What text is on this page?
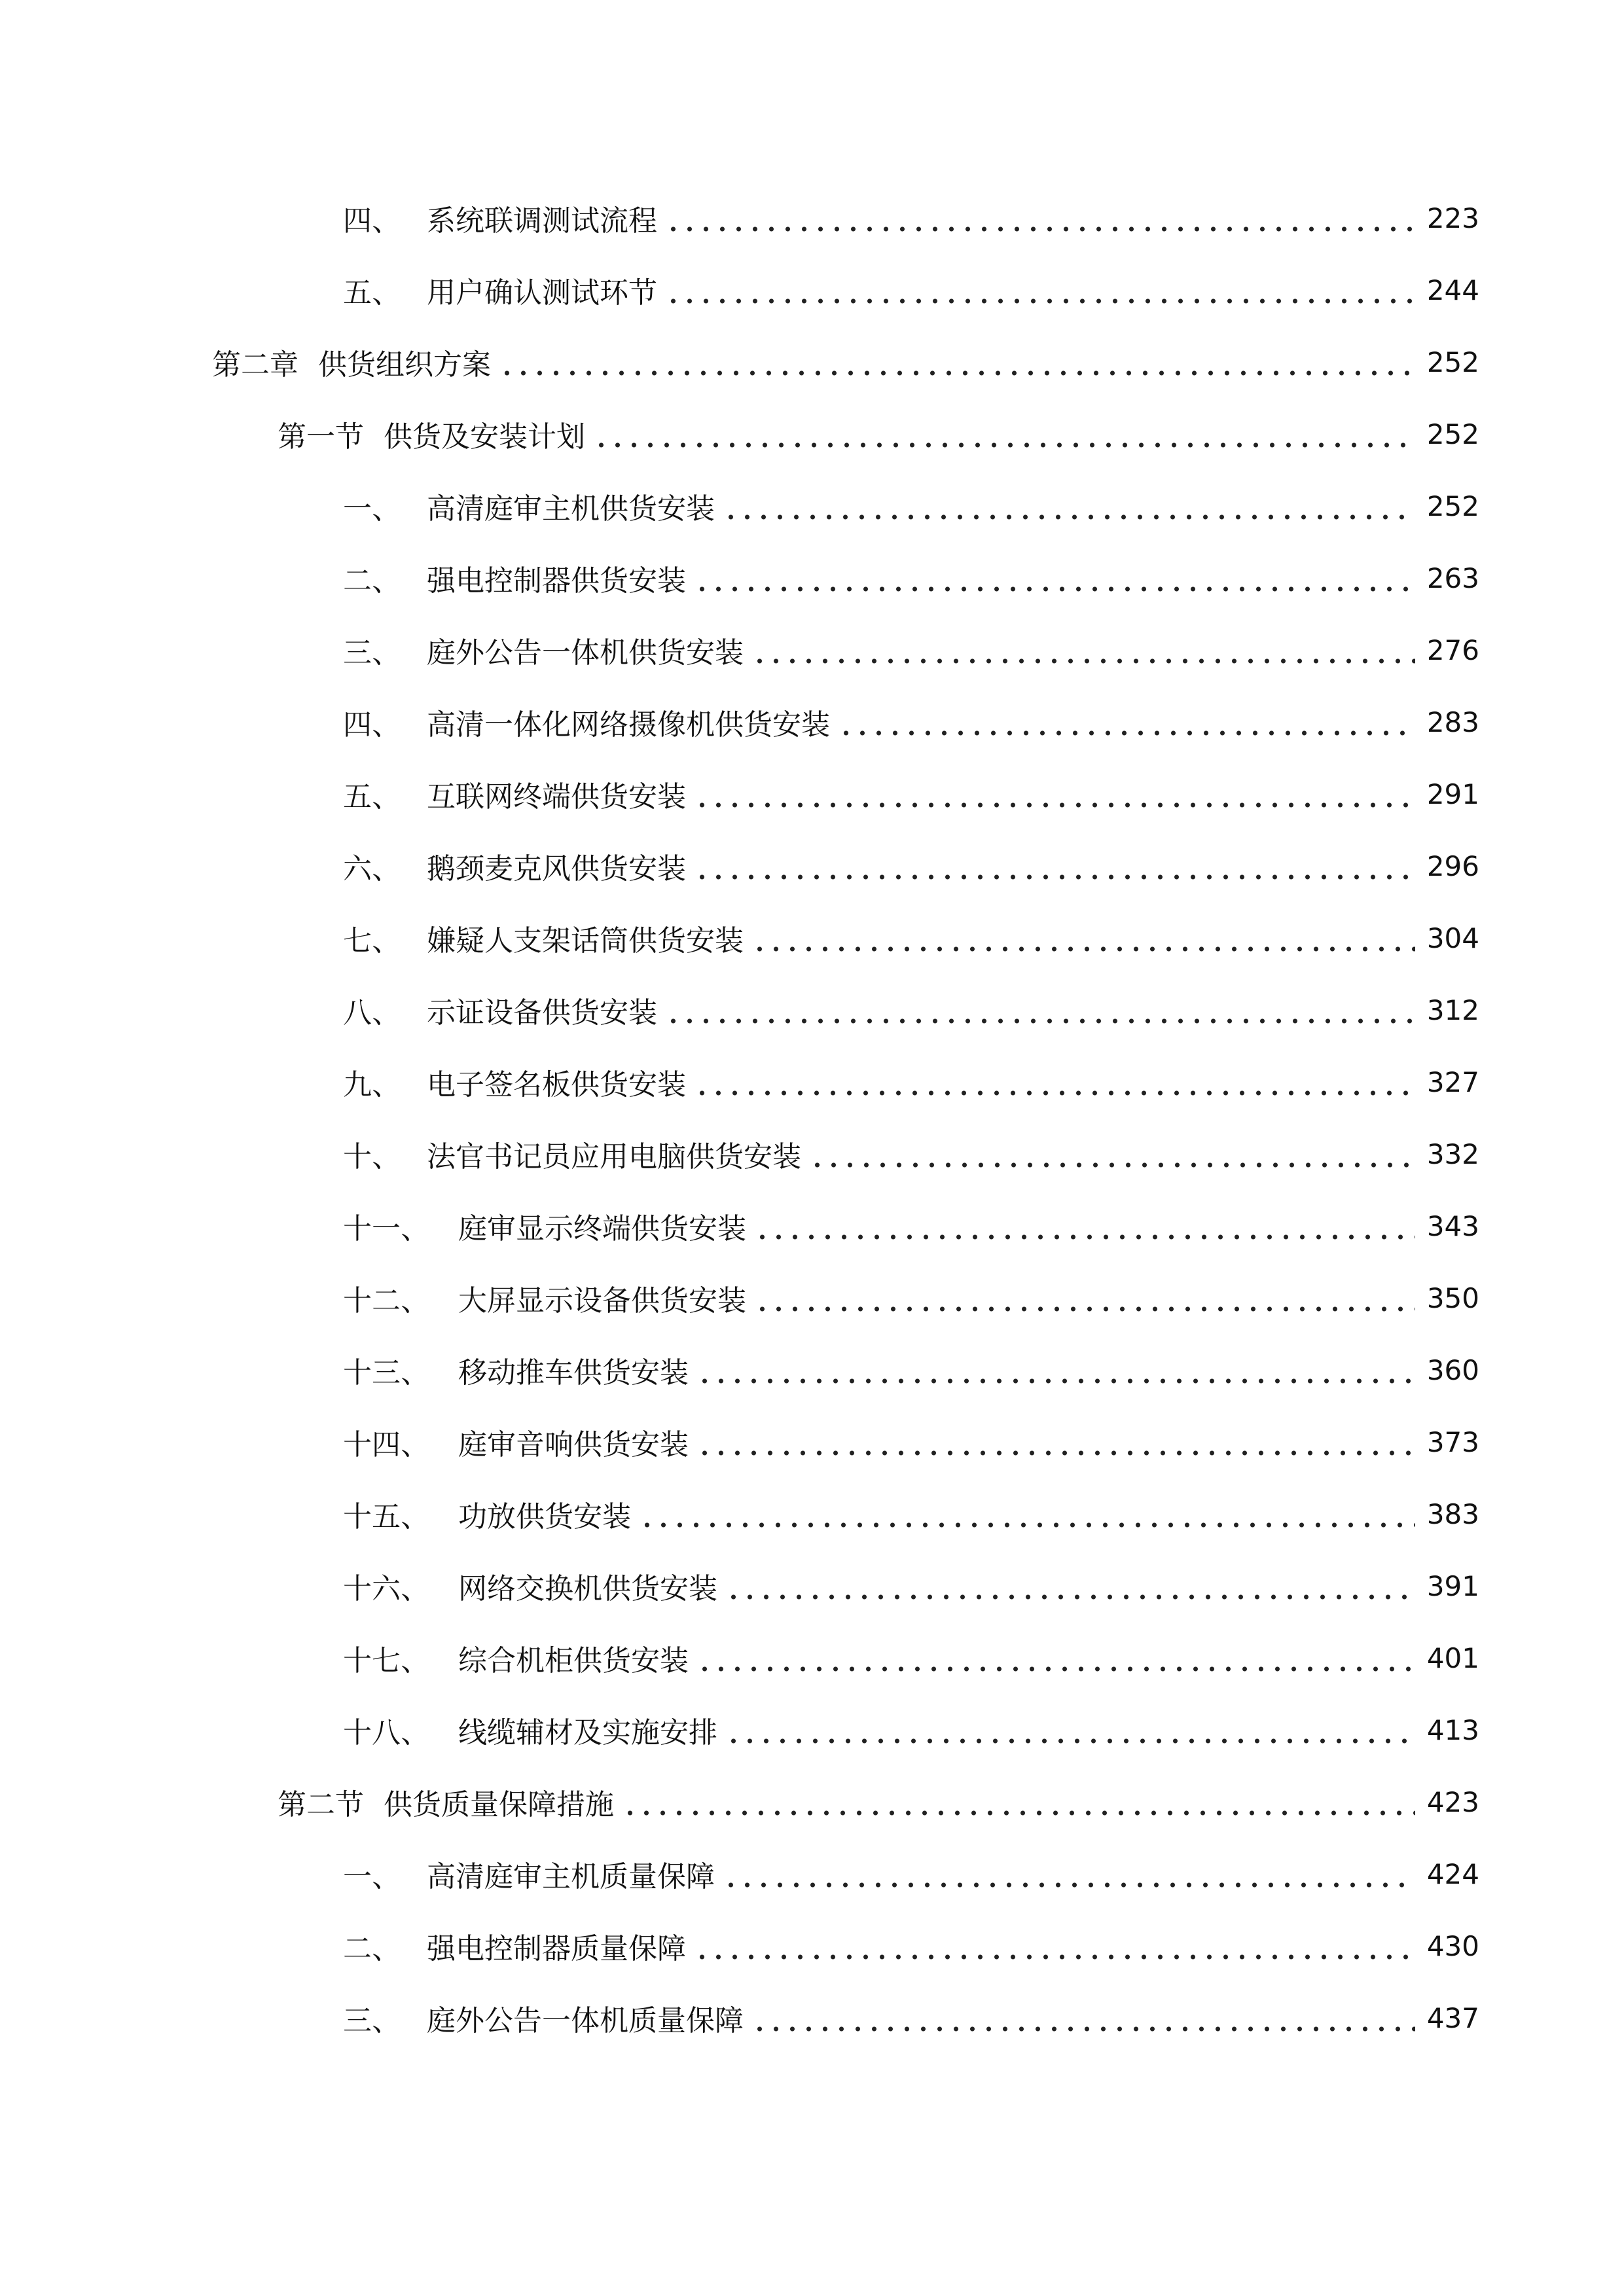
四、 系统联调测试流程	223
五、 用户确认测试环节	244
第二章 供货组织方案	252
第一节 供货及安装计划	252
一、 高清庭审主机供货安装	252
二、 强电控制器供货安装	263
三、 庭外公告一体机供货安装	276
四、 高清一体化网络摄像机供货安装	283
五、 互联网终端供货安装	291
六、 鹅颈麦克风供货安装	296
七、 嫌疑人支架话筒供货安装	304
八、 示证设备供货安装	312
九、 电子签名板供货安装	327
十、 法官书记员应用电脑供货安装	332
十一、	庭审显示终端供货安装	343
十二、	大屏显示设备供货安装	350
十三、	移动推车供货安装	360
十四、	庭审音响供货安装	373
十五、	功放供货安装	383
十六、	网络交换机供货安装	391
十七、	综合机柜供货安装	401
十八、	线缆辅材及实施安排	413
第二节 供货质量保障措施	423
一、 高清庭审主机质量保障	424
二、 强电控制器质量保障	430
三、 庭外公告一体机质量保障	437
